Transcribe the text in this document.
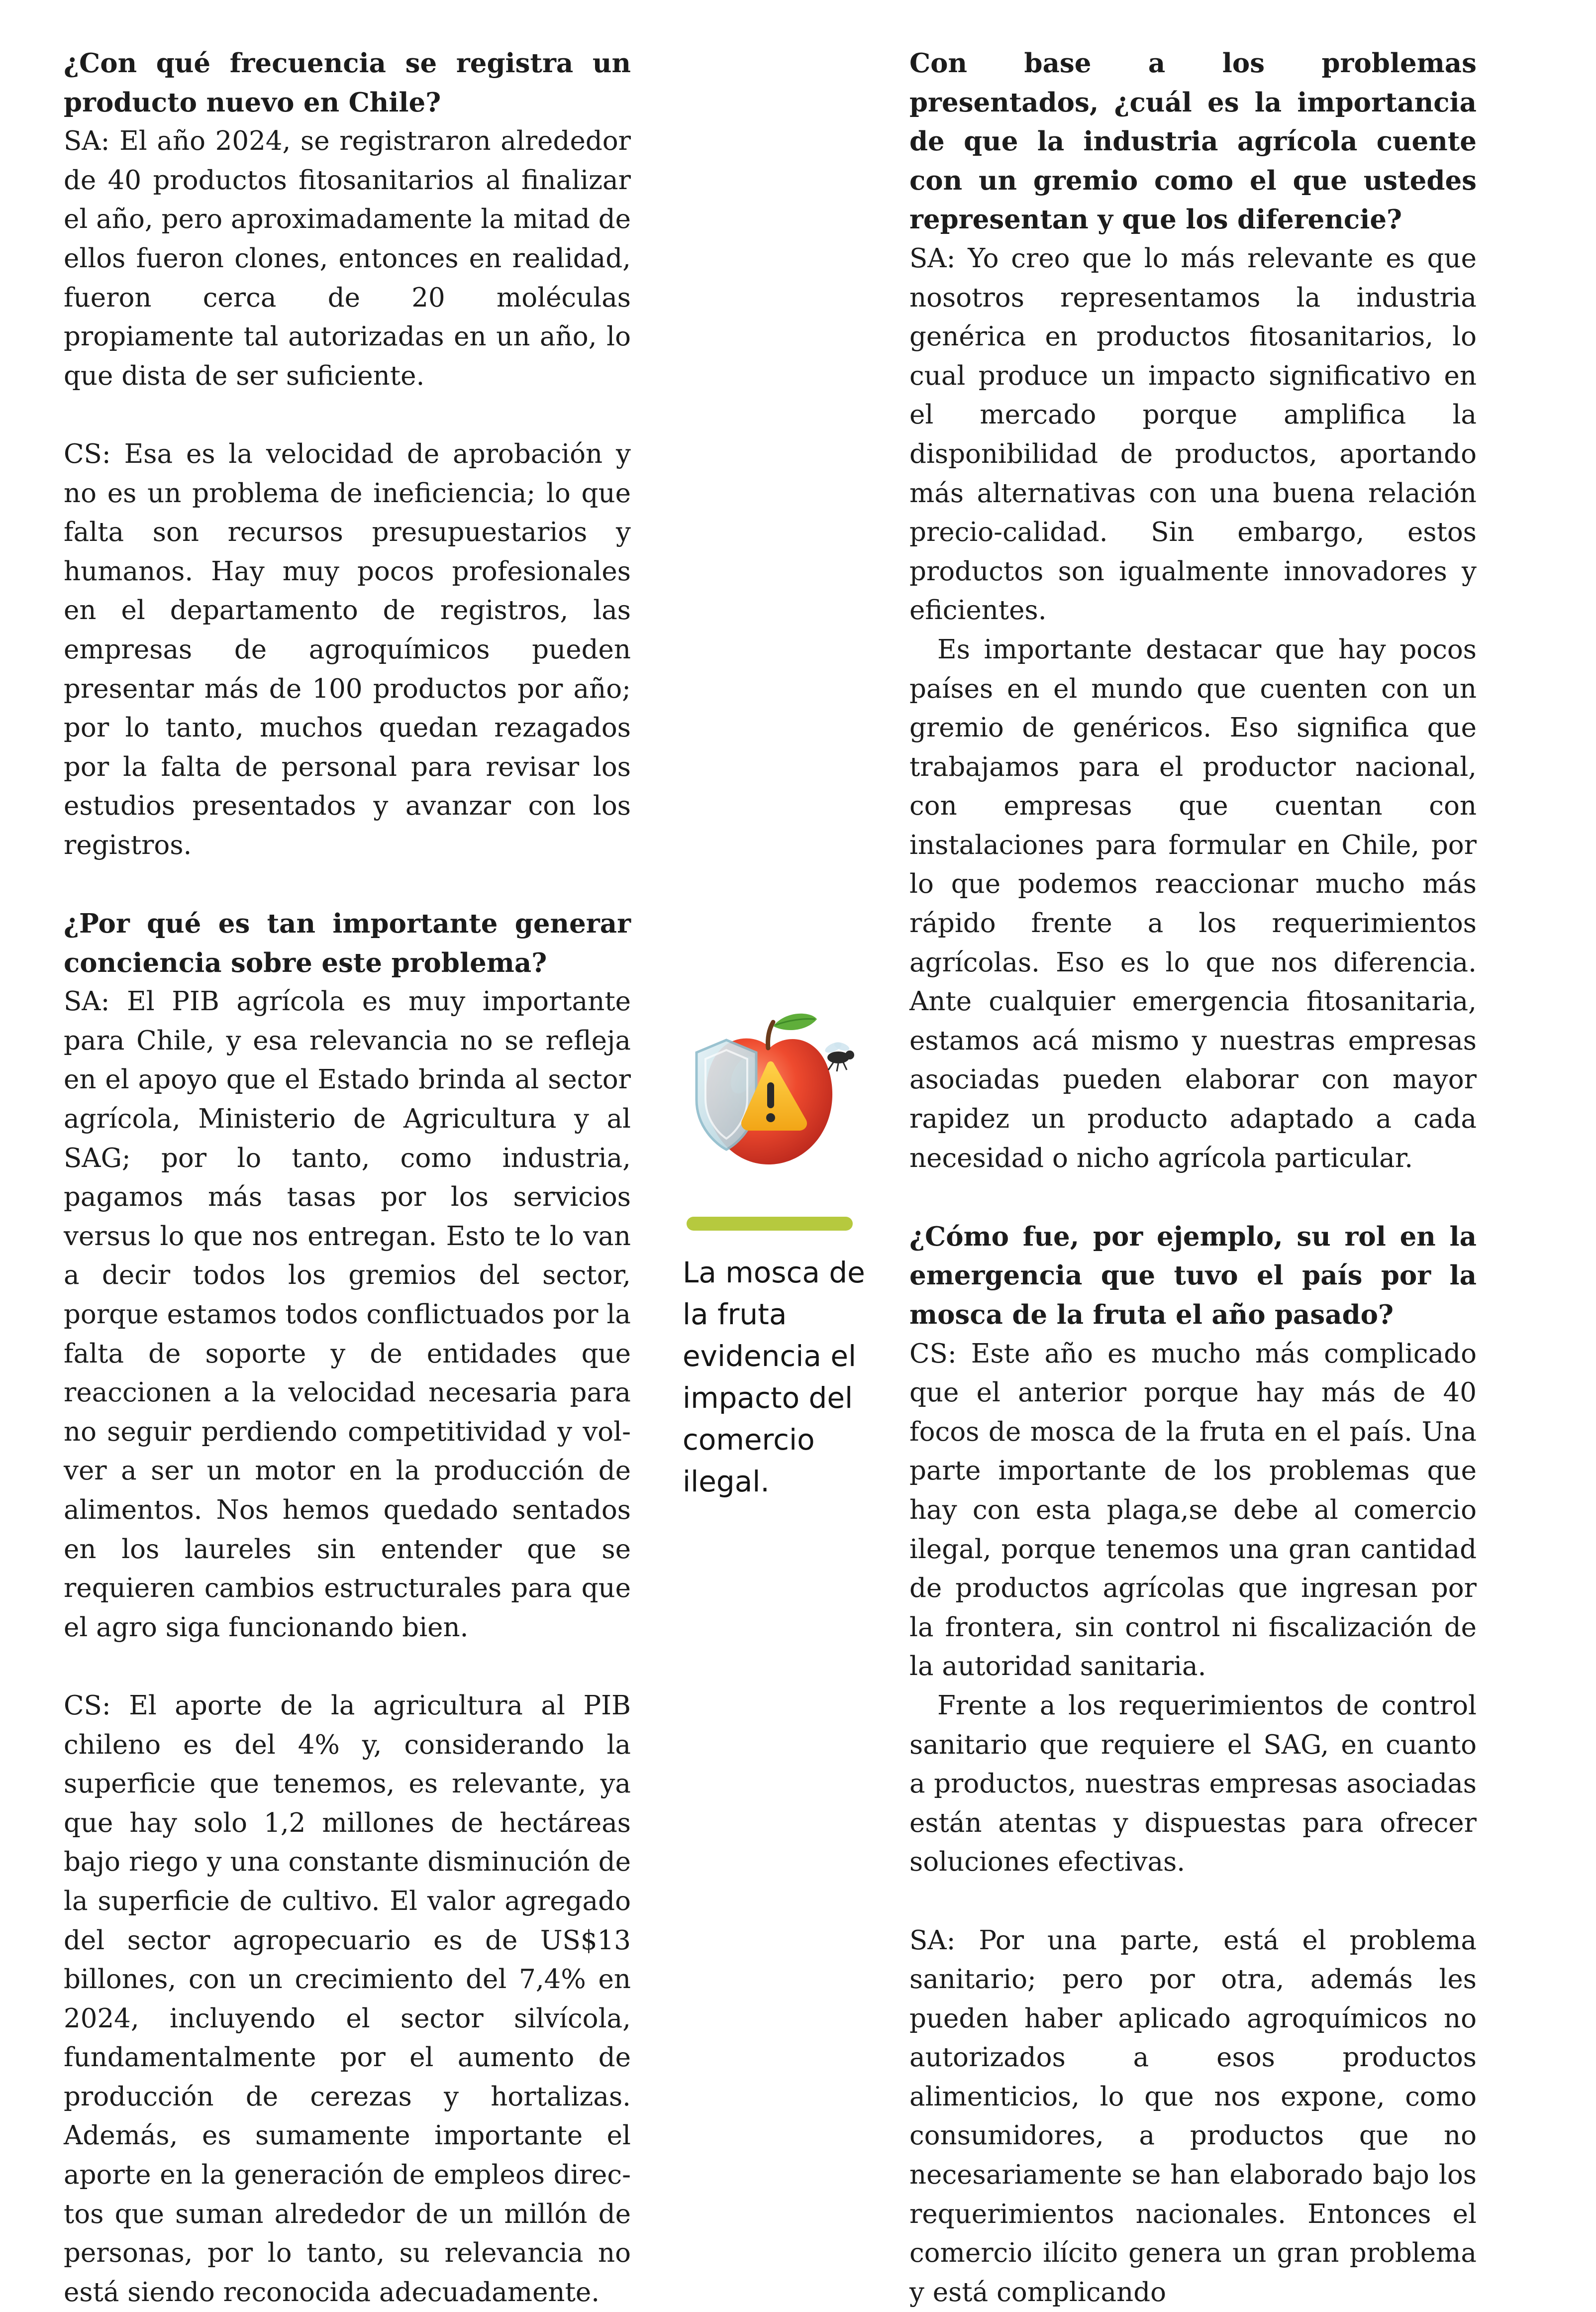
¿Con qué frecuencia se registra un producto nuevo en Chile?

SA: El año 2024, se registraron alrededor de 40 productos fitosanitarios al finalizar el año, pero aproximadamente la mitad de ellos fueron clones, entonces en realidad, fueron cerca de 20 moléculas propiamente tal autorizadas en un año, lo que dista de ser suficiente.

CS: Esa es la velocidad de aprobación y no es un problema de ineficiencia; lo que falta son recursos presupuestarios y humanos. Hay muy pocos profesionales en el departamento de registros, las empresas de agroquímicos pueden presentar más de 100 productos por año; por lo tanto, muchos quedan rezagados por la falta de personal para revisar los estudios presentados y avanzar con los registros.

¿Por qué es tan importante generar conciencia sobre este problema?

SA: El PIB agrícola es muy importante para Chile, y esa relevancia no se refleja en el apoyo que el Estado brinda al sector agrícola, Ministerio de Agricultura y al SAG; por lo tanto, como industria, pagamos más tasas por los servicios versus lo que nos entregan. Esto te lo van a decir todos los gremios del sector, porque estamos todos conflictuados por la falta de soporte y de entidades que reaccionen a la velocidad necesaria para no seguir perdiendo competitividad y volver a ser un motor en la producción de alimentos. Nos hemos quedado sentados en los laureles sin entender que se requieren cambios estructurales para que el agro siga funcionando bien.

CS: El aporte de la agricultura al PIB chileno es del 4% y, considerando la superficie que tenemos, es relevante, ya que hay solo 1,2 millones de hectáreas bajo riego y una constante disminución de la superficie de cultivo. El valor agregado del sector agropecuario es de US$13 billones, con un crecimiento del 7,4% en 2024, incluyendo el sector silvícola, fundamentalmente por el aumento de producción de cerezas y hortalizas. Además, es sumamente importante el aporte en la generación de empleos directos que suman alrededor de un millón de personas, por lo tanto, su relevancia no está siendo reconocida adecuadamente.

La mosca de la fruta evidencia el impacto del comercio ilegal.

Con base a los problemas presentados, ¿cuál es la importancia de que la industria agrícola cuente con un gremio como el que ustedes representan y que los diferencie?

SA: Yo creo que lo más relevante es que nosotros representamos la industria genérica en productos fitosanitarios, lo cual produce un impacto significativo en el mercado porque amplifica la disponibilidad de productos, aportando más alternativas con una buena relación precio-calidad. Sin embargo, estos productos son igualmente innovadores y eficientes.

Es importante destacar que hay pocos países en el mundo que cuenten con un gremio de genéricos. Eso significa que trabajamos para el productor nacional, con empresas que cuentan con instalaciones para formular en Chile, por lo que podemos reaccionar mucho más rápido frente a los requerimientos agrícolas. Eso es lo que nos diferencia. Ante cualquier emergencia fitosanitaria, estamos acá mismo y nuestras empresas asociadas pueden elaborar con mayor rapidez un producto adaptado a cada necesidad o nicho agrícola particular.

¿Cómo fue, por ejemplo, su rol en la emergencia que tuvo el país por la mosca de la fruta el año pasado?

CS: Este año es mucho más complicado que el anterior porque hay más de 40 focos de mosca de la fruta en el país. Una parte importante de los problemas que hay con esta plaga,se debe al comercio ilegal, porque tenemos una gran cantidad de productos agrícolas que ingresan por la frontera, sin control ni fiscalización de la autoridad sanitaria.

Frente a los requerimientos de control sanitario que requiere el SAG, en cuanto a productos, nuestras empresas asociadas están atentas y dispuestas para ofrecer soluciones efectivas.

SA: Por una parte, está el problema sanitario; pero por otra, además les pueden haber aplicado agroquímicos no autorizados a esos productos alimenticios, lo que nos expone, como consumidores, a productos que no necesariamente se han elaborado bajo los requerimientos nacionales. Entonces el comercio ilícito genera un gran problema y está complicando
